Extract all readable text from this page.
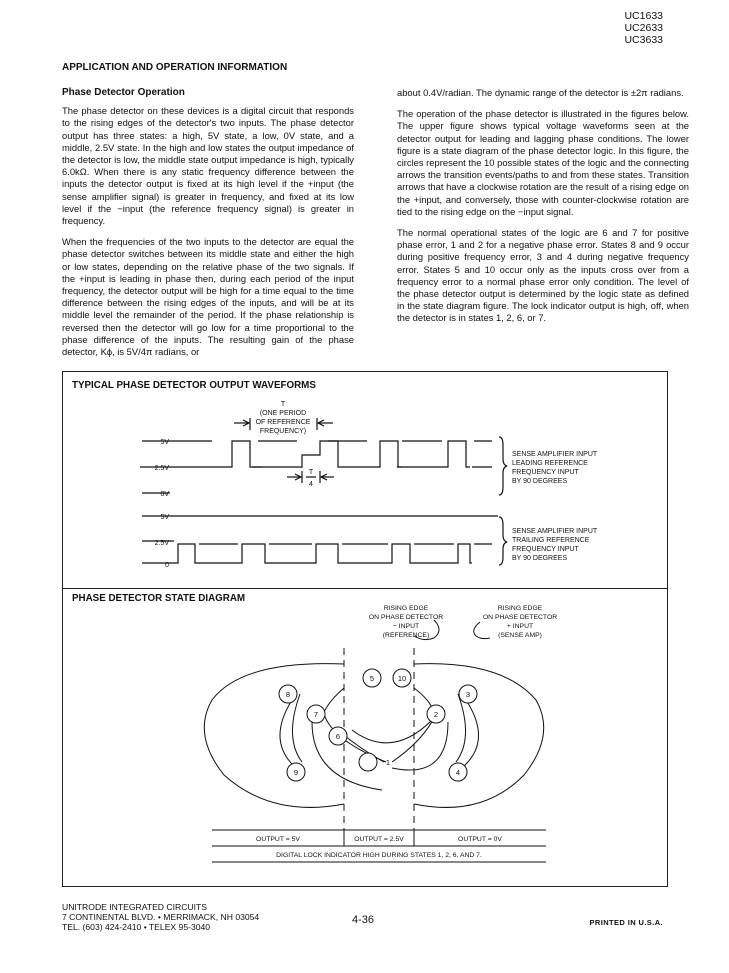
UC1633
UC2633
UC3633
APPLICATION AND OPERATION INFORMATION
Phase Detector Operation

The phase detector on these devices is a digital circuit that responds to the rising edges of the detector's two inputs. The phase detector output has three states: a high, 5V state, a low, 0V state, and a middle, 2.5V state. In the high and low states the output impedance of the detector is low, the middle state output impedance is high, typically 6.0kΩ. When there is any static frequency difference between the inputs the detector output is fixed at its high level if the +input (the sense amplifier signal) is greater in frequency, and fixed at its low level if the −input (the reference frequency signal) is greater in frequency.

When the frequencies of the two inputs to the detector are equal the phase detector switches between its middle state and either the high or low states, depending on the relative phase of the two signals. If the +input is leading in phase then, during each period of the input frequency, the detector output will be high for a time equal to the time difference between the rising edges of the inputs, and will be at its middle level the remainder of the period. If the phase relationship is reversed then the detector will go low for a time proportional to the phase difference of the inputs. The resulting gain of the phase detector, Kϕ, is 5V/4π radians, or

about 0.4V/radian. The dynamic range of the detector is ±2π radians.

The operation of the phase detector is illustrated in the figures below. The upper figure shows typical voltage waveforms seen at the detector output for leading and lagging phase conditions. The lower figure is a state diagram of the phase detector logic. In this figure, the circles represent the 10 possible states of the logic and the connecting arrows the transition events/paths to and from these states. Transition arrows that have a clockwise rotation are the result of a rising edge on the +input, and conversely, those with counter-clockwise rotation are tied to the rising edge on the −input signal.

The normal operational states of the logic are 6 and 7 for positive phase error, 1 and 2 for a negative phase error. States 8 and 9 occur during positive frequency error, 3 and 4 during negative frequency error. States 5 and 10 occur only as the inputs cross over from a frequency error to a normal phase error only condition. The level of the phase detector output is determined by the logic state as defined in the state diagram figure. The lock indicator output is high, off, when the detector is in states 1, 2, 6, or 7.

TYPICAL PHASE DETECTOR OUTPUT WAVEFORMS
T
(ONE PERIOD
OF REFERENCE
FREQUENCY)
T
4
5V
2.5V
0V
5V
2.5V
0
SENSE AMPLIFIER INPUT
LEADING REFERENCE
FREQUENCY INPUT
BY 90 DEGREES
SENSE AMPLIFIER INPUT
TRAILING REFERENCE
FREQUENCY INPUT
BY 90 DEGREES
PHASE DETECTOR STATE DIAGRAM
1
2
3
4
5
6
7
8
9
10
RISING EDGE
ON PHASE DETECTOR
− INPUT
(REFERENCE)
RISING EDGE
ON PHASE DETECTOR
+ INPUT
(SENSE AMP)
OUTPUT = 5V	OUTPUT = 2.5V	OUTPUT = 0V
DIGITAL LOCK INDICATOR HIGH DURING STATES 1, 2, 6, AND 7.
UNITRODE INTEGRATED CIRCUITS
7 CONTINENTAL BLVD. • MERRIMACK, NH 03054
TEL. (603) 424-2410 • TELEX 95-3040
4-36	PRINTED IN U.S.A.
